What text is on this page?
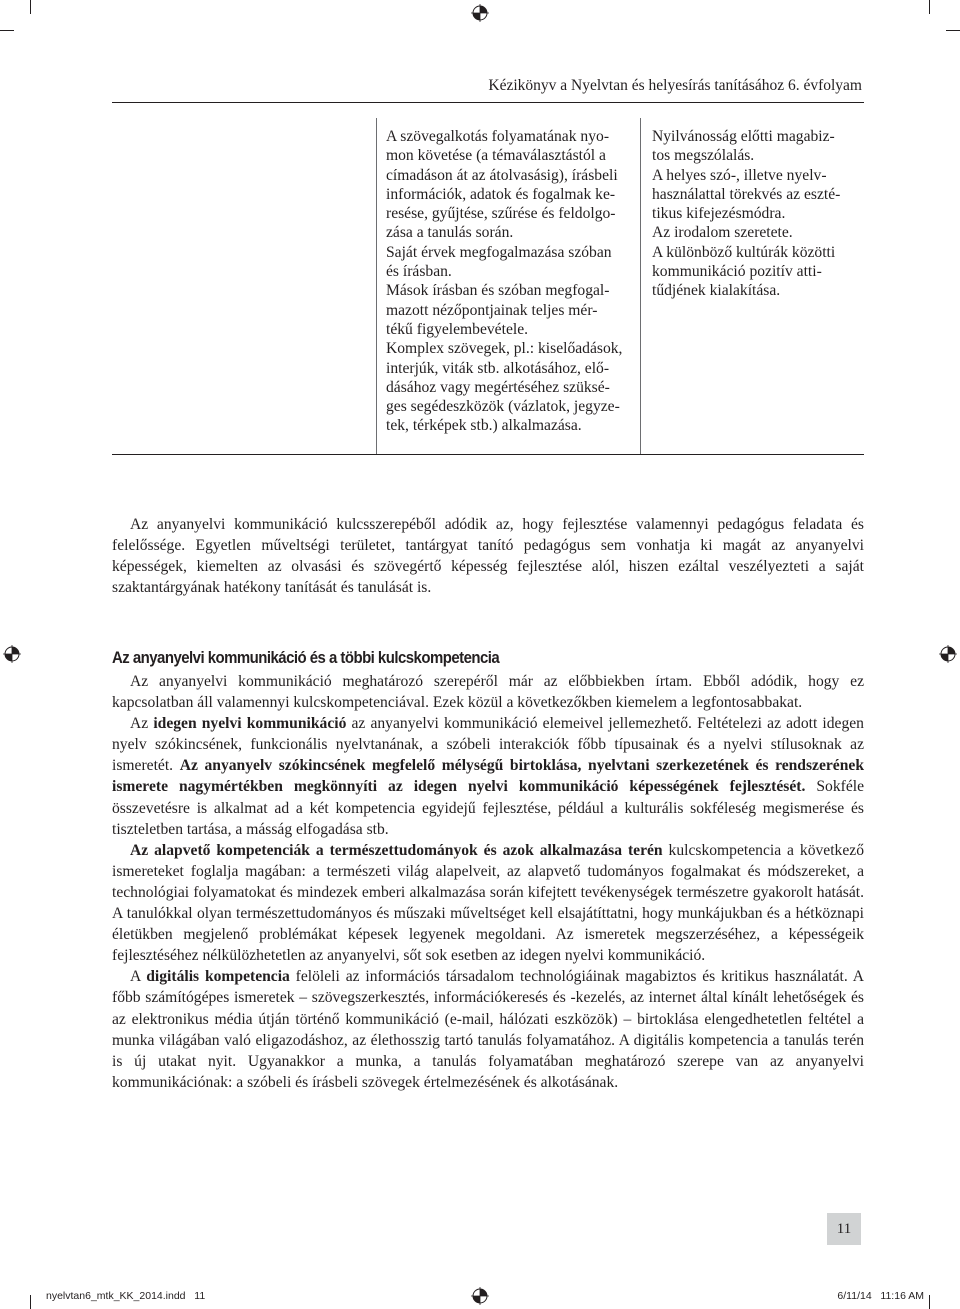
Kézikönyv a Nyelvtan és helyesírás tanításához 6. évfolyam

A szövegalkotás folyamatának nyo-

mon követése (a témaválasztástól a

címadáson át az átolvasásig), írásbeli

információk, adatok és fogalmak ke-

resése, gyűjtése, szűrése és feldolgo-

zása a tanulás során.

Saját érvek megfogalmazása szóban

és írásban.

Mások írásban és szóban megfogal-

mazott nézőpontjainak teljes mér-

tékű figyelembevétele.

Komplex szövegek, pl.: kiselőadások,

interjúk, viták stb. alkotásához, elő-

dásához vagy megértéséhez szüksé-

ges segédeszközök (vázlatok, jegyze-

tek, térképek stb.) alkalmazása.

Nyilvánosság előtti magabiz-

tos megszólalás.

A helyes szó-, illetve nyelv-

használattal törekvés az eszté-

tikus kifejezésmódra.

Az irodalom szeretete.

A különböző kultúrák közötti

kommunikáció pozitív atti-

tűdjének kialakítása.

Az anyanyelvi kommunikáció kulcsszerepéből adódik az, hogy fejlesztése valamennyi pedagógus feladata és felelőssége. Egyetlen műveltségi területet, tantárgyat tanító pedagógus sem vonhatja ki magát az anyanyelvi képességek, kiemelten az olvasási és szövegértő képesség fejlesztése alól, hiszen ezáltal veszélyezteti a saját szaktantárgyának hatékony tanítását és tanulását is.

Az anyanyelvi kommunikáció és a többi kulcskompetencia

Az anyanyelvi kommunikáció meghatározó szerepéről már az előbbiekben írtam. Ebből adódik, hogy ez kapcsolatban áll valamennyi kulcskompetenciával. Ezek közül a következőkben kiemelem a legfontosabbakat.

Az idegen nyelvi kommunikáció az anyanyelvi kommunikáció elemeivel jellemezhető. Feltételezi az adott idegen nyelv szókincsének, funkcionális nyelvtanának, a szóbeli interakciók főbb típusainak és a nyelvi stílusoknak az ismeretét. Az anyanyelv szókincsének megfelelő mélységű birtoklása, nyelvtani szerkezetének és rendszerének ismerete nagymértékben megkönnyíti az idegen nyelvi kommunikáció képességének fejlesztését. Sokféle összevetésre is alkalmat ad a két kompetencia egyidejű fejlesztése, például a kulturális sokféleség megismerése és tiszteletben tartása, a másság elfogadása stb.

Az alapvető kompetenciák a természettudományok és azok alkalmazása terén kulcskompetencia a következő ismereteket foglalja magában: a természeti világ alapelveit, az alapvető tudományos fogalmakat és módszereket, a technológiai folyamatokat és mindezek emberi alkalmazása során kifejtett tevékenységek természetre gyakorolt hatását. A tanulókkal olyan természettudományos és műszaki műveltséget kell elsajátíttatni, hogy munkájukban és a hétköznapi életükben megjelenő problémákat képesek legyenek megoldani. Az ismeretek megszerzéséhez, a képességeik fejlesztéséhez nélkülözhetetlen az anyanyelvi, sőt sok esetben az idegen nyelvi kommunikáció.

A digitális kompetencia felöleli az információs társadalom technológiáinak magabiztos és kritikus használatát. A főbb számítógépes ismeretek – szövegszerkesztés, információkeresés és -kezelés, az internet által kínált lehetőségek és az elektronikus média útján történő kommunikáció (e-mail, hálózati eszközök) – birtoklása elengedhetetlen feltétel a munka világában való eligazodáshoz, az élethosszig tartó tanulás folyamatához. A digitális kompetencia a tanulás terén is új utakat nyit. Ugyanakkor a munka, a tanulás folyamatában meghatározó szerepe van az anyanyelvi kommunikációnak: a szóbeli és írásbeli szövegek értelmezésének és alkotásának.

11
nyelvtan6_mtk_KK_2014.indd   11	6/11/14   11:16 AM
